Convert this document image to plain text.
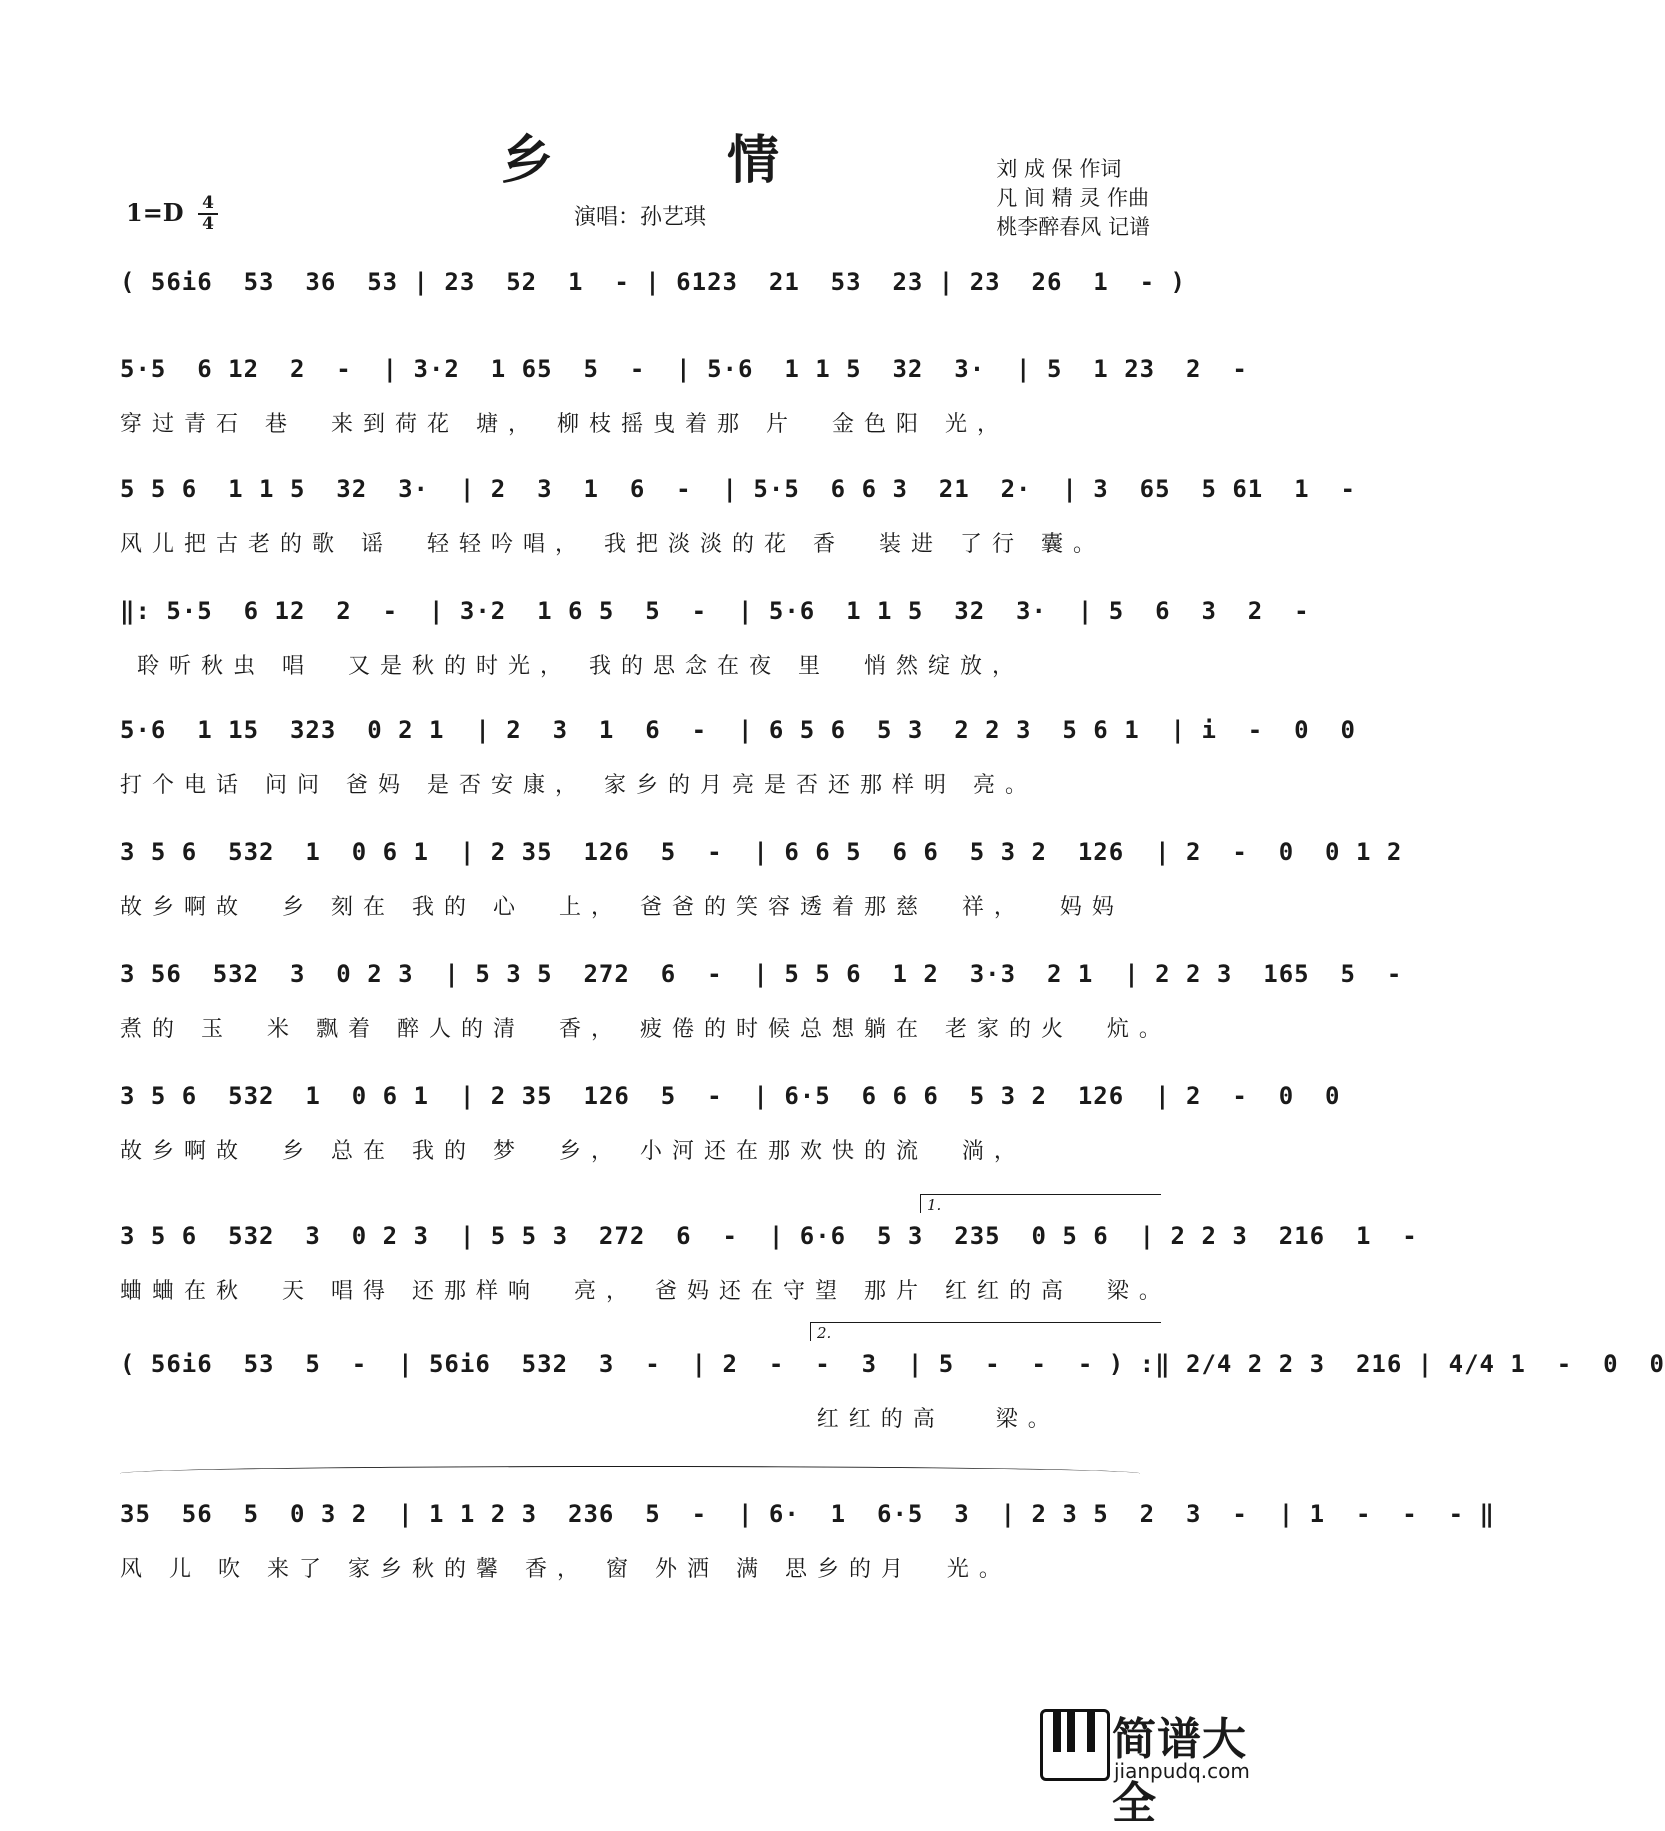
乡 情	刘 成 保 作词
凡 间 精 灵 作曲
桃李醉春风 记谱
1=D 4
4	演唱：孙艺琪
( 56i6  53  36  53 | 23  52  1  - | 6123  21  53  23 | 23  26  1  - )
5·5  6 12  2  -  | 3·2  1 65  5  -  | 5·6  1 1 5  32  3·  | 5  1 23  2  -
穿过青石 巷  来到荷花 塘， 柳枝摇曳着那 片  金色阳 光，
5 5 6  1 1 5  32  3·  | 2  3  1  6  -  | 5·5  6 6 3  21  2·  | 3  65  5 61  1  -
风儿把古老的歌 谣  轻轻吟唱， 我把淡淡的花 香  装进 了行 囊。
‖: 5·5  6 12  2  -  | 3·2  1 6 5  5  -  | 5·6  1 1 5  32  3·  | 5  6  3  2  -
聆听秋虫 唱  又是秋的时光， 我的思念在夜 里  悄然绽放，
5·6  1 15  323  0 2 1  | 2  3  1  6  -  | 6 5 6  5 3  2 2 3  5 6 1  | i  -  0  0
打个电话 问问 爸妈 是否安康， 家乡的月亮是否还那样明 亮。
3 5 6  532  1  0 6 1  | 2 35  126  5  -  | 6 6 5  6 6  5 3 2  126  | 2  -  0  0 1 2
故乡啊故  乡 刻在 我的 心  上， 爸爸的笑容透着那慈  祥，  妈妈
3 56  532  3  0 2 3  | 5 3 5  272  6  -  | 5 5 6  1 2  3·3  2 1  | 2 2 3  165  5  -
煮的 玉  米 飘着 醉人的清  香， 疲倦的时候总想躺在 老家的火  炕。
3 5 6  532  1  0 6 1  | 2 35  126  5  -  | 6·5  6 6 6  5 3 2  126  | 2  -  0  0
故乡啊故  乡 总在 我的 梦  乡， 小河还在那欢快的流  淌，
1.
3 5 6  532  3  0 2 3  | 5 5 3  272  6  -  | 6·6  5 3  235  0 5 6  | 2 2 3  216  1  -
蛐蛐在秋  天 唱得 还那样响  亮， 爸妈还在守望 那片 红红的高  梁。
2.
( 56i6  53  5  -  | 56i6  532  3  -  | 2  -  -  3  | 5  -  -  - ) :‖ 2/4 2 2 3  216 | 4/4 1  -  0  0
红红的高   梁。
35  56  5  0 3 2  | 1 1 2 3  236  5  -  | 6·  1  6·5  3  | 2 3 5  2  3  -  | 1  -  -  - ‖
风 儿 吹 来了 家乡秋的馨 香， 窗 外洒 满 思乡的月  光。
简谱大全
jianpudq.com
